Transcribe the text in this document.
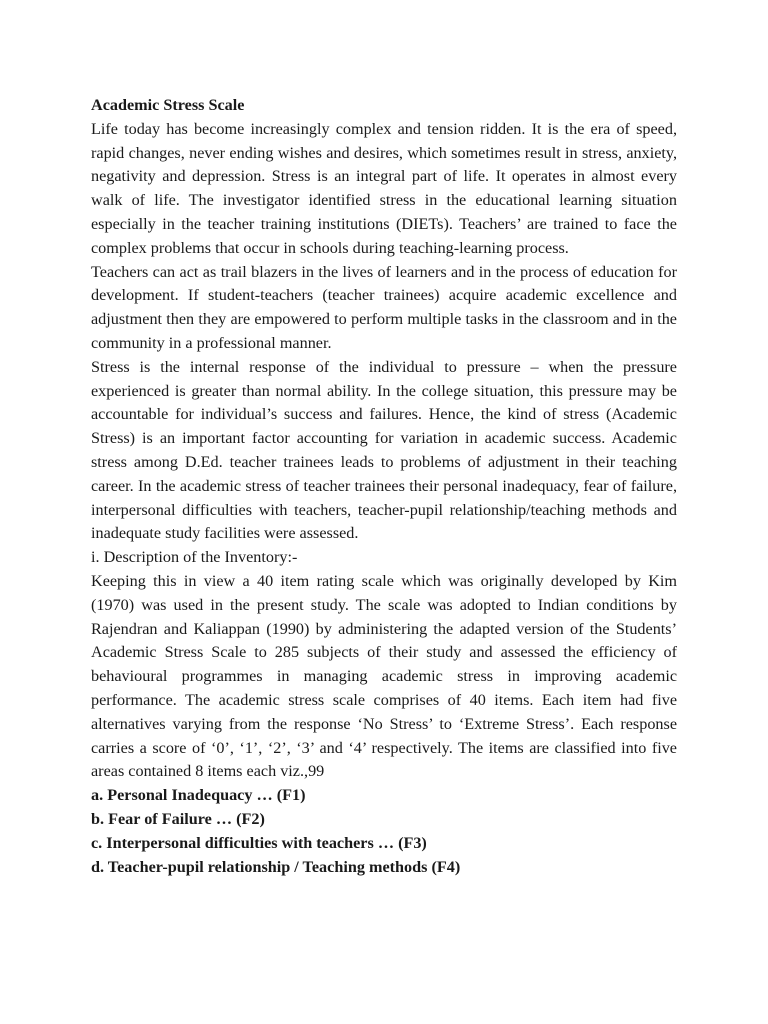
Academic Stress Scale

Life today has become increasingly complex and tension ridden. It is the era of speed, rapid changes, never ending wishes and desires, which sometimes result in stress, anxiety, negativity and depression. Stress is an integral part of life. It operates in almost every walk of life. The investigator identified stress in the educational learning situation especially in the teacher training institutions (DIETs). Teachers’ are trained to face the complex problems that occur in schools during teaching-learning process.

Teachers can act as trail blazers in the lives of learners and in the process of education for development. If student-teachers (teacher trainees) acquire academic excellence and adjustment then they are empowered to perform multiple tasks in the classroom and in the community in a professional manner.

Stress is the internal response of the individual to pressure – when the pressure experienced is greater than normal ability. In the college situation, this pressure may be accountable for individual’s success and failures. Hence, the kind of stress (Academic Stress) is an important factor accounting for variation in academic success. Academic stress among D.Ed. teacher trainees leads to problems of adjustment in their teaching career. In the academic stress of teacher trainees their personal inadequacy, fear of failure, interpersonal difficulties with teachers, teacher-pupil relationship/teaching methods and inadequate study facilities were assessed.

i. Description of the Inventory:-

Keeping this in view a 40 item rating scale which was originally developed by Kim (1970) was used in the present study. The scale was adopted to Indian conditions by Rajendran and Kaliappan (1990) by administering the adapted version of the Students’ Academic Stress Scale to 285 subjects of their study and assessed the efficiency of behavioural programmes in managing academic stress in improving academic performance. The academic stress scale comprises of 40 items. Each item had five alternatives varying from the response ‘No Stress’ to ‘Extreme Stress’. Each response carries a score of ‘0’, ‘1’, ‘2’, ‘3’ and ‘4’ respectively. The items are classified into five areas contained 8 items each viz.,99

a. Personal Inadequacy … (F1)

b. Fear of Failure … (F2)

c. Interpersonal difficulties with teachers … (F3)

d. Teacher-pupil relationship / Teaching methods (F4)
